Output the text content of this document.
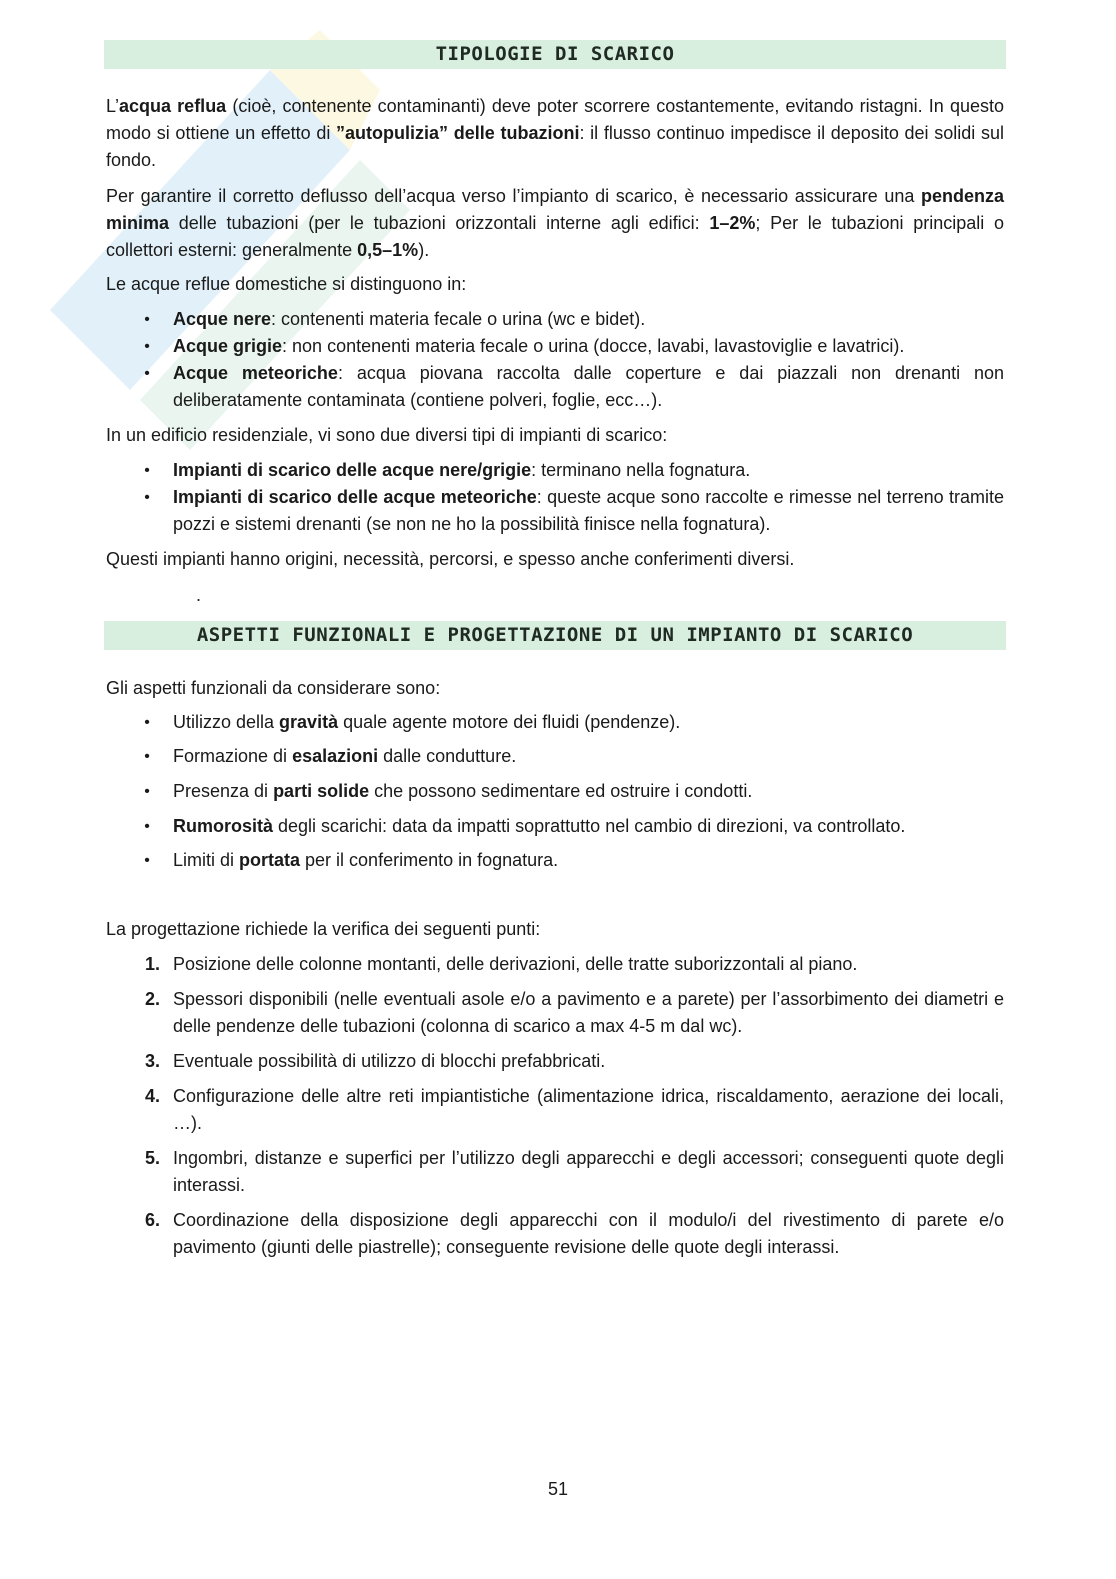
TIPOLOGIE DI SCARICO

L’acqua reflua (cioè, contenente contaminanti) deve poter scorrere costantemente, evitando ristagni. In questo modo si ottiene un effetto di ”autopulizia” delle tubazioni: il flusso continuo impedisce il deposito dei solidi sul fondo.

Per garantire il corretto deflusso dell’acqua verso l’impianto di scarico, è necessario assicurare una pendenza minima delle tubazioni (per le tubazioni orizzontali interne agli edifici: 1–2%; Per le tubazioni principali o collettori esterni: generalmente 0,5–1%).

Le acque reflue domestiche si distinguono in:

• Acque nere: contenenti materia fecale o urina (wc e bidet).

• Acque grigie: non contenenti materia fecale o urina (docce, lavabi, lavastoviglie e lavatrici).

• Acque meteoriche: acqua piovana raccolta dalle coperture e dai piazzali non drenanti non deliberatamente contaminata (contiene polveri, foglie, ecc…).

In un edificio residenziale, vi sono due diversi tipi di impianti di scarico:

• Impianti di scarico delle acque nere/grigie: terminano nella fognatura.

• Impianti di scarico delle acque meteoriche: queste acque sono raccolte e rimesse nel terreno tramite pozzi e sistemi drenanti (se non ne ho la possibilità finisce nella fognatura).

Questi impianti hanno origini, necessità, percorsi, e spesso anche conferimenti diversi.

.

ASPETTI FUNZIONALI E PROGETTAZIONE DI UN IMPIANTO DI SCARICO

Gli aspetti funzionali da considerare sono:

• Utilizzo della gravità quale agente motore dei fluidi (pendenze).

• Formazione di esalazioni dalle condutture.

• Presenza di parti solide che possono sedimentare ed ostruire i condotti.

• Rumorosità degli scarichi: data da impatti soprattutto nel cambio di direzioni, va controllato.

• Limiti di portata per il conferimento in fognatura.

La progettazione richiede la verifica dei seguenti punti:

1. Posizione delle colonne montanti, delle derivazioni, delle tratte suborizzontali al piano.

2. Spessori disponibili (nelle eventuali asole e/o a pavimento e a parete) per l’assorbimento dei diametri e delle pendenze delle tubazioni (colonna di scarico a max 4-5 m dal wc).

3. Eventuale possibilità di utilizzo di blocchi prefabbricati.

4. Configurazione delle altre reti impiantistiche (alimentazione idrica, riscaldamento, aerazione dei locali, …).

5. Ingombri, distanze e superfici per l’utilizzo degli apparecchi e degli accessori; conseguenti quote degli interassi.

6. Coordinazione della disposizione degli apparecchi con il modulo/i del rivestimento di parete e/o pavimento (giunti delle piastrelle); conseguente revisione delle quote degli interassi.

51
